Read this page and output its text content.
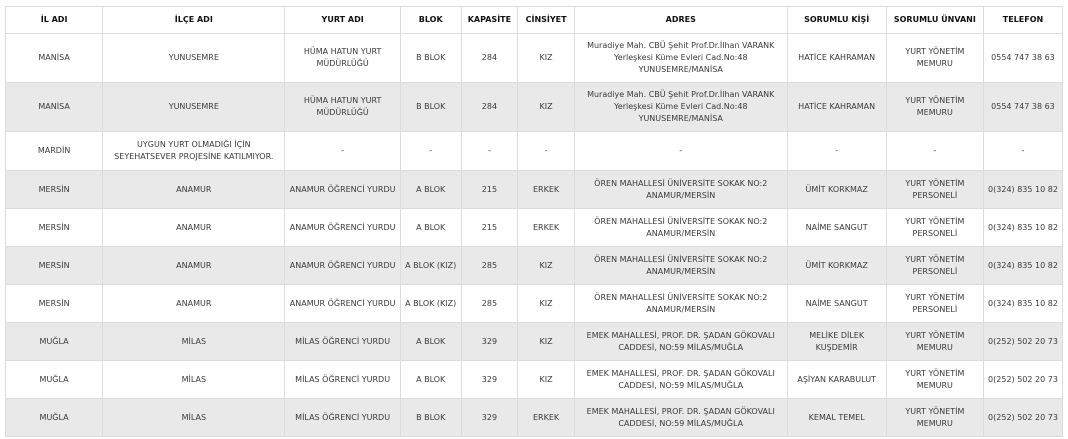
İL ADI	İLÇE ADI	YURT ADI	BLOK	KAPASİTE	CİNSİYET	ADRES	SORUMLU KİŞİ	SORUMLU ÜNVANI	TELEFON
MANİSA	YUNUSEMRE	HÜMA HATUN YURT MÜDÜRLÜĞÜ	B BLOK	284	KIZ	Muradiye Mah. CBÜ Şehit Prof.Dr.İlhan VARANK Yerleşkesi Küme Evleri Cad.No:48 YUNUSEMRE/MANİSA	HATİCE KAHRAMAN	YURT YÖNETİM MEMURU	0554 747 38 63
MANİSA	YUNUSEMRE	HÜMA HATUN YURT MÜDÜRLÜĞÜ	B BLOK	284	KIZ	Muradiye Mah. CBÜ Şehit Prof.Dr.İlhan VARANK Yerleşkesi Küme Evleri Cad.No:48 YUNUSEMRE/MANİSA	HATİCE KAHRAMAN	YURT YÖNETİM MEMURU	0554 747 38 63
MARDİN	UYGUN YURT OLMADIĞI İÇİN SEYEHATSEVER PROJESİNE KATILMIYOR.	-	-	-	-	-	-	-	-
MERSİN	ANAMUR	ANAMUR ÖĞRENCİ YURDU	A BLOK	215	ERKEK	ÖREN MAHALLESİ ÜNİVERSİTE SOKAK NO:2 ANAMUR/MERSİN	ÜMİT KORKMAZ	YURT YÖNETİM PERSONELİ	0(324) 835 10 82
MERSİN	ANAMUR	ANAMUR ÖĞRENCİ YURDU	A BLOK	215	ERKEK	ÖREN MAHALLESİ ÜNİVERSİTE SOKAK NO:2 ANAMUR/MERSİN	NAİME SANGUT	YURT YÖNETİM PERSONELİ	0(324) 835 10 82
MERSİN	ANAMUR	ANAMUR ÖĞRENCİ YURDU	A BLOK (KIZ)	285	KIZ	ÖREN MAHALLESİ ÜNİVERSİTE SOKAK NO:2 ANAMUR/MERSİN	ÜMİT KORKMAZ	YURT YÖNETİM PERSONELİ	0(324) 835 10 82
MERSİN	ANAMUR	ANAMUR ÖĞRENCİ YURDU	A BLOK (KIZ)	285	KIZ	ÖREN MAHALLESİ ÜNİVERSİTE SOKAK NO:2 ANAMUR/MERSİN	NAİME SANGUT	YURT YÖNETİM PERSONELİ	0(324) 835 10 82
MUĞLA	MİLAS	MİLAS ÖĞRENCİ YURDU	A BLOK	329	KIZ	EMEK MAHALLESİ, PROF. DR. ŞADAN GÖKOVALI CADDESİ, NO:59 MİLAS/MUĞLA	MELİKE DİLEK KUŞDEMİR	YURT YÖNETİM MEMURU	0(252) 502 20 73
MUĞLA	MİLAS	MİLAS ÖĞRENCİ YURDU	A BLOK	329	KIZ	EMEK MAHALLESİ, PROF. DR. ŞADAN GÖKOVALI CADDESİ, NO:59 MİLAS/MUĞLA	AŞİYAN KARABULUT	YURT YÖNETİM MEMURU	0(252) 502 20 73
MUĞLA	MİLAS	MİLAS ÖĞRENCİ YURDU	B BLOK	329	ERKEK	EMEK MAHALLESİ, PROF. DR. ŞADAN GÖKOVALI CADDESİ, NO:59 MİLAS/MUĞLA	KEMAL TEMEL	YURT YÖNETİM MEMURU	0(252) 502 20 73
